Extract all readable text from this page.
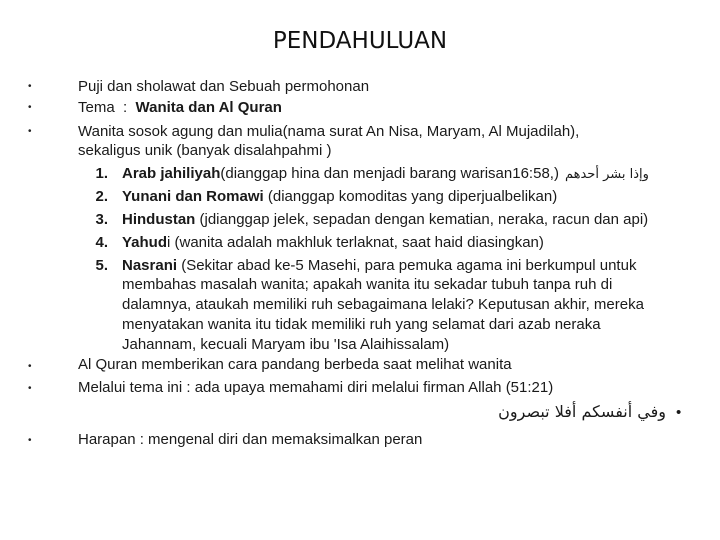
PENDAHULUAN
•	Puji dan sholawat dan Sebuah permohonan
•	Tema  :  Wanita dan Al Quran
•	Wanita sosok agung dan mulia(nama surat An Nisa, Maryam, Al Mujadilah),
sekaligus unik (banyak disalahpahmi )
1. Arab jahiliyah(dianggap hina dan menjadi barang warisan16:58,) وإذا بشر أحدهم
2. Yunani dan Romawi (dianggap komoditas yang diperjualbelikan)
3. Hindustan (jdianggap jelek, sepadan dengan kematian, neraka, racun dan api)
4. Yahudi (wanita adalah makhluk terlaknat, saat haid diasingkan)
5. Nasrani (Sekitar abad ke-5 Masehi, para pemuka agama ini berkumpul untuk
membahas masalah wanita; apakah wanita itu sekadar tubuh tanpa ruh di
dalamnya, ataukah memiliki ruh sebagaimana lelaki? Keputusan akhir, mereka
menyatakan wanita itu tidak memiliki ruh yang selamat dari azab neraka
Jahannam, kecuali Maryam ibu 'Isa Alaihissalam)
•	Al Quran memberikan cara pandang berbeda saat melihat wanita
•	Melalui tema ini : ada upaya memahami diri melalui firman Allah (51:21)
وفي أنفسكم أفلا تبصرون •
•	Harapan : mengenal diri dan memaksimalkan peran
